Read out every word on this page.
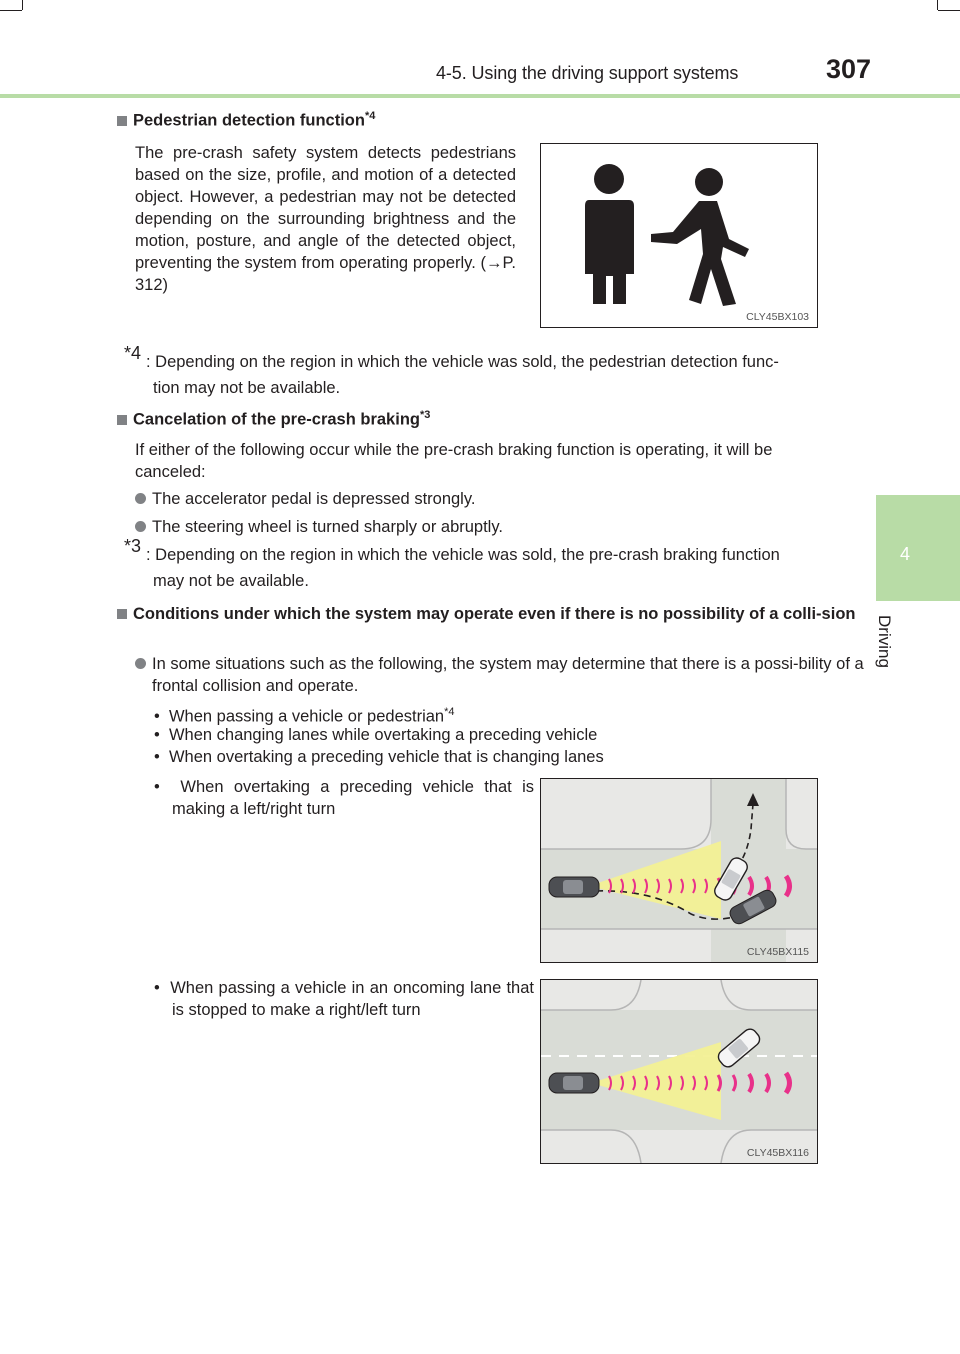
4-5. Using the driving support systems	307
4
Driving
Pedestrian detection function$^{*4}$
The pre-crash safety system detects pedestrians based on the size, profile, and motion of a detected object. However, a pedestrian may not be detected depending on the surrounding brightness and the motion, posture, and angle of the detected object, preventing the system from operating properly. (→P. 312)
CLY45BX103
*4 : Depending on the region in which the vehicle was sold, the pedestrian detection func-
tion may not be available.
Cancelation of the pre-crash braking$^{*3}$
If either of the following occur while the pre-crash braking function is operating, it will be canceled:
The accelerator pedal is depressed strongly.
The steering wheel is turned sharply or abruptly.
*3 : Depending on the region in which the vehicle was sold, the pre-crash braking function
may not be available.
Conditions under which the system may operate even if there is no possibility of a colli-sion
In some situations such as the following, the system may determine that there is a possi-bility of a frontal collision and operate.
•  When passing a vehicle or pedestrian$^{*4}$
•  When changing lanes while overtaking a preceding vehicle
•  When overtaking a preceding vehicle that is changing lanes
•  When overtaking a preceding vehicle that is making a left/right turn
CLY45BX115
•  When passing a vehicle in an oncoming lane that is stopped to make a right/left turn
CLY45BX116
